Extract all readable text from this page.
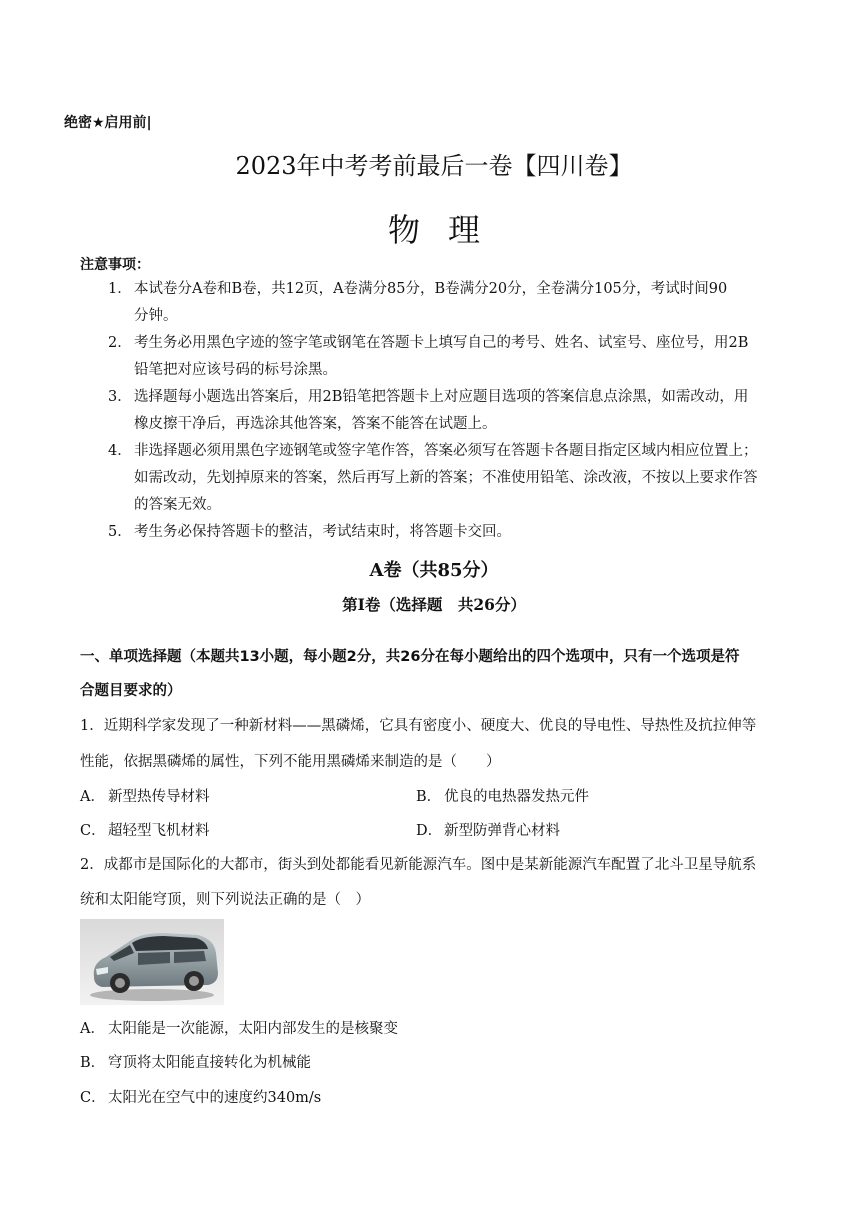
绝密★启用前|
2023年中考考前最后一卷【四川卷】
物理
注意事项：
1． 本试卷分A卷和B卷，共12页，A卷满分85分，B卷满分20分，全卷满分105分，考试时间90
分钟。
2． 考生务必用黑色字迹的签字笔或钢笔在答题卡上填写自己的考号、姓名、试室号、座位号，用2B
铅笔把对应该号码的标号涂黑。
3． 选择题每小题选出答案后，用2B铅笔把答题卡上对应题目选项的答案信息点涂黑，如需改动，用
橡皮擦干净后，再选涂其他答案，答案不能答在试题上。
4． 非选择题必须用黑色字迹钢笔或签字笔作答，答案必须写在答题卡各题目指定区域内相应位置上；
如需改动，先划掉原来的答案，然后再写上新的答案；不准使用铅笔、涂改液，不按以上要求作答
的答案无效。
5． 考生务必保持答题卡的整洁，考试结束时，将答题卡交回。
A卷（共85分）
第Ⅰ卷（选择题　共26分）
一、单项选择题（本题共13小题，每小题2分，共26分在每小题给出的四个选项中，只有一个选项是符
合题目要求的）
1．近期科学家发现了一种新材料——黑磷烯，它具有密度小、硬度大、优良的导电性、导热性及抗拉伸等
性能，依据黑磷烯的属性，下列不能用黑磷烯来制造的是（　　）
A． 新型热传导材料	B． 优良的电热器发热元件
C． 超轻型飞机材料	D． 新型防弹背心材料
2．成都市是国际化的大都市，街头到处都能看见新能源汽车。图中是某新能源汽车配置了北斗卫星导航系
统和太阳能穹顶，则下列说法正确的是（　）
A． 太阳能是一次能源，太阳内部发生的是核聚变
B． 穹顶将太阳能直接转化为机械能
C． 太阳光在空气中的速度约340m/s
